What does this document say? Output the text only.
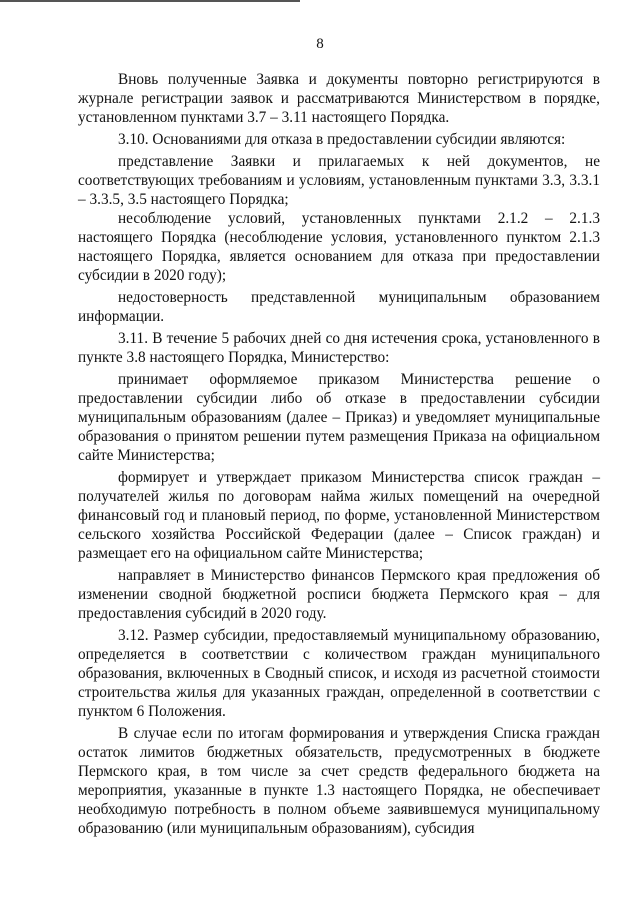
8

Вновь полученные Заявка и документы повторно регистрируются в журнале регистрации заявок и рассматриваются Министерством в порядке, установленном пунктами 3.7 – 3.11 настоящего Порядка.

3.10. Основаниями для отказа в предоставлении субсидии являются:

представление Заявки и прилагаемых к ней документов, не соответствующих требованиям и условиям, установленным пунктами 3.3, 3.3.1 – 3.3.5, 3.5 настоящего Порядка;

несоблюдение условий, установленных пунктами 2.1.2 – 2.1.3 настоящего Порядка (несоблюдение условия, установленного пунктом 2.1.3 настоящего Порядка, является основанием для отказа при предоставлении субсидии в 2020 году);

недостоверность представленной муниципальным образованием информации.

3.11. В течение 5 рабочих дней со дня истечения срока, установленного в пункте 3.8 настоящего Порядка, Министерство:

принимает оформляемое приказом Министерства решение о предоставлении субсидии либо об отказе в предоставлении субсидии муниципальным образованиям (далее – Приказ) и уведомляет муниципальные образования о принятом решении путем размещения Приказа на официальном сайте Министерства;

формирует и утверждает приказом Министерства список граждан – получателей жилья по договорам найма жилых помещений на очередной финансовый год и плановый период, по форме, установленной Министерством сельского хозяйства Российской Федерации (далее – Список граждан) и размещает его на официальном сайте Министерства;

направляет в Министерство финансов Пермского края предложения об изменении сводной бюджетной росписи бюджета Пермского края – для предоставления субсидий в 2020 году.

3.12. Размер субсидии, предоставляемый муниципальному образованию, определяется в соответствии с количеством граждан муниципального образования, включенных в Сводный список, и исходя из расчетной стоимости строительства жилья для указанных граждан, определенной в соответствии с пунктом 6 Положения.

В случае если по итогам формирования и утверждения Списка граждан остаток лимитов бюджетных обязательств, предусмотренных в бюджете Пермского края, в том числе за счет средств федерального бюджета на мероприятия, указанные в пункте 1.3 настоящего Порядка, не обеспечивает необходимую потребность в полном объеме заявившемуся муниципальному образованию (или муниципальным образованиям), субсидия
